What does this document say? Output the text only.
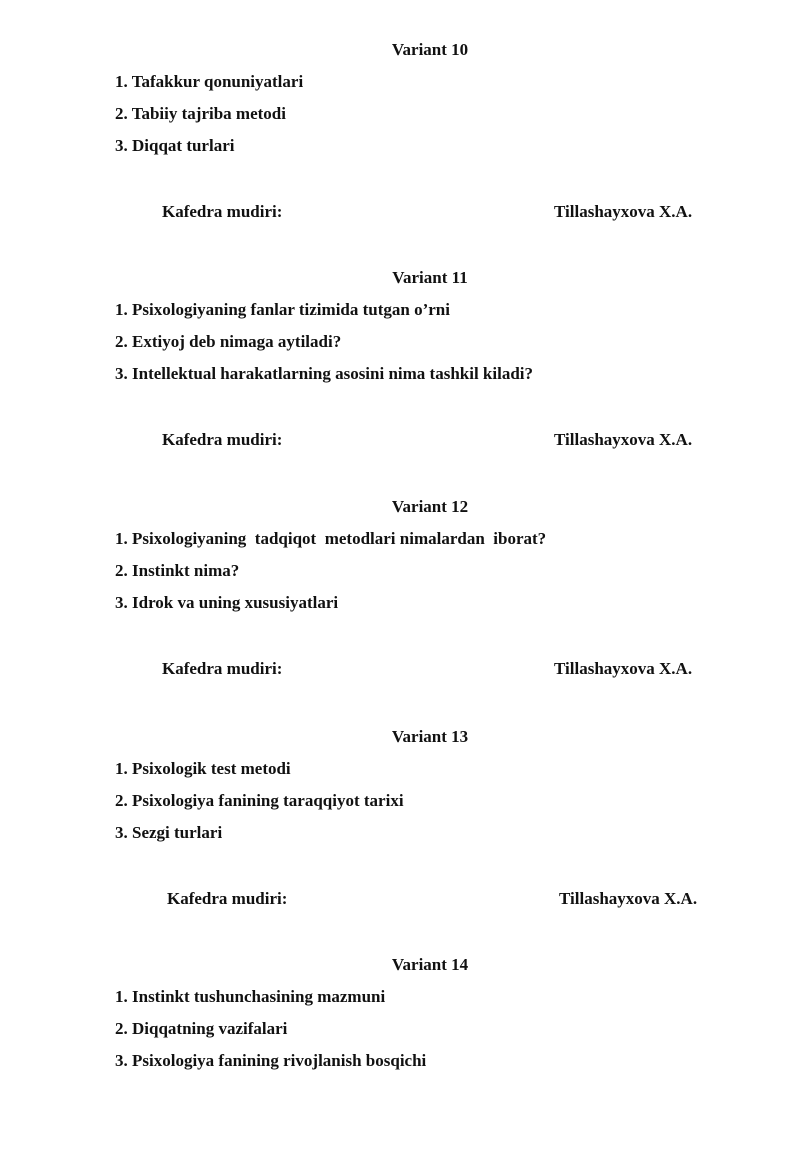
Variant 10
1. Tafakkur qonuniyatlari
2. Tabiiy tajriba metodi
3. Diqqat turlari
Kafedra mudiri:	Tillashayxova X.A.
Variant 11
1. Psixologiyaning fanlar tizimida tutgan o’rni
2. Extiyoj deb nimaga aytiladi?
3. Intellektual harakatlarning asosini nima tashkil kiladi?
Kafedra mudiri:	Tillashayxova X.A.
Variant 12
1. Psixologiyaning  tadqiqot  metodlari nimalardan  iborat?
2. Instinkt nima?
3. Idrok va uning xususiyatlari
Kafedra mudiri:	Tillashayxova X.A.
Variant 13
1. Psixologik test metodi
2. Psixologiya fanining taraqqiyot tarixi
3. Sezgi turlari
Kafedra mudiri:	Tillashayxova X.A.
Variant 14
1. Instinkt tushunchasining mazmuni
2. Diqqatning vazifalari
3. Psixologiya fanining rivojlanish bosqichi
